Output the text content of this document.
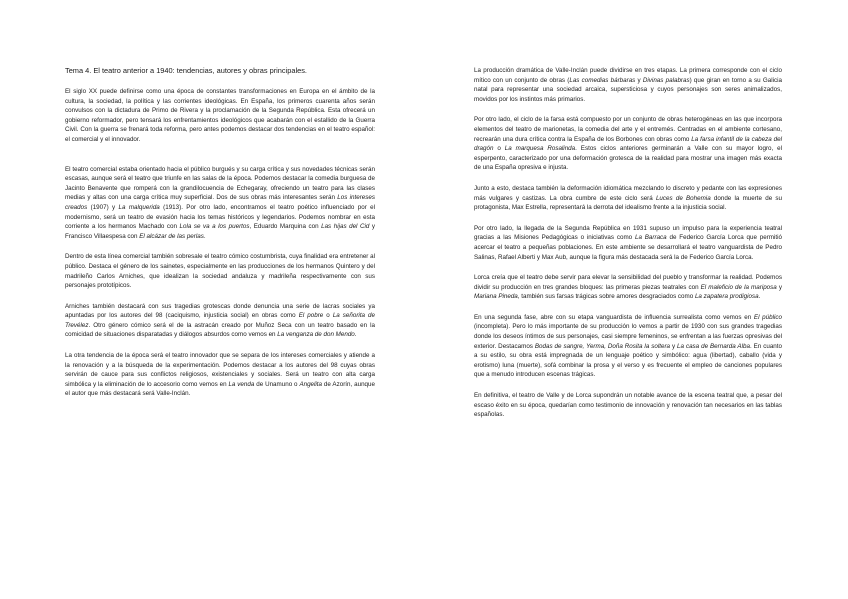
Tema 4. El teatro anterior a 1940: tendencias, autores y obras principales.

El siglo XX puede definirse como una época de constantes transformaciones en Europa en el ámbito de la cultura, la sociedad, la política y las corrientes ideológicas. En España, los primeros cuarenta años serán convulsos con la dictadura de Primo de Rivera y la proclamación de la Segunda República. Esta ofrecerá un gobierno reformador, pero tensará los enfrentamientos ideológicos que acabarán con el estallido de la Guerra Civil. Con la guerra se frenará toda reforma, pero antes podemos destacar dos tendencias en el teatro español: el comercial y el innovador.

El teatro comercial estaba orientado hacia el público burgués y su carga crítica y sus novedades técnicas serán escasas, aunque será el teatro que triunfe en las salas de la época. Podemos destacar la comedia burguesa de Jacinto Benavente que romperá con la grandilocuencia de Echegaray, ofreciendo un teatro para las clases medias y altas con una carga crítica muy superficial. Dos de sus obras más interesantes serán Los intereses creados (1907) y La malquerida (1913). Por otro lado, encontramos el teatro poético influenciado por el modernismo, será un teatro de evasión hacia los temas históricos y legendarios. Podemos nombrar en esta corriente a los hermanos Machado con Lola se va a los puertos, Eduardo Marquina con Las hijas del Cid y Francisco Villaespesa con El alcázar de las perlas.

Dentro de esta línea comercial también sobresale el teatro cómico costumbrista, cuya finalidad era entretener al público. Destaca el género de los sainetes, especialmente en las producciones de los hermanos Quintero y del madrileño Carlos Arniches, que idealizan la sociedad andaluza y madrileña respectivamente con sus personajes prototípicos.

Arniches también destacará con sus tragedias grotescas donde denuncia una serie de lacras sociales ya apuntadas por los autores del 98 (caciquismo, injusticia social) en obras como El pobre o La señorita de Trevélez. Otro género cómico será el de la astracán creado por Muñoz Seca con un teatro basado en la comicidad de situaciones disparatadas y diálogos absurdos como vemos en La venganza de don Mendo.

La otra tendencia de la época será el teatro innovador que se separa de los intereses comerciales y atiende a la renovación y a la búsqueda de la experimentación. Podemos destacar a los autores del 98 cuyas obras servirán de cauce para sus conflictos religiosos, existenciales y sociales. Será un teatro con alta carga simbólica y la eliminación de lo accesorio como vemos en La venda de Unamuno o Angelita de Azorín, aunque el autor que más destacará será Valle-Inclán.

La producción dramática de Valle-Inclán puede dividirse en tres etapas. La primera corresponde con el ciclo mítico con un conjunto de obras (Las comedias bárbaras y Divinas palabras) que giran en torno a su Galicia natal para representar una sociedad arcaica, supersticiosa y cuyos personajes son seres animalizados, movidos por los instintos más primarios.

Por otro lado, el ciclo de la farsa está compuesto por un conjunto de obras heterogéneas en las que incorpora elementos del teatro de marionetas, la comedia del arte y el entremés. Centradas en el ambiente cortesano, recrearán una dura crítica contra la España de los Borbones con obras como La farsa infantil de la cabeza del dragón o La marquesa Rosalinda. Estos ciclos anteriores germinarán a Valle con su mayor logro, el esperpento, caracterizado por una deformación grotesca de la realidad para mostrar una imagen más exacta de una España opresiva e injusta.

Junto a esto, destaca también la deformación idiomática mezclando lo discreto y pedante con las expresiones más vulgares y castizas. La obra cumbre de este ciclo será Luces de Bohemia donde la muerte de su protagonista, Max Estrella, representará la derrota del idealismo frente a la injusticia social.

Por otro lado, la llegada de la Segunda República en 1931 supuso un impulso para la experiencia teatral gracias a las Misiones Pedagógicas o iniciativas como La Barraca de Federico García Lorca que permitió acercar el teatro a pequeñas poblaciones. En este ambiente se desarrollará el teatro vanguardista de Pedro Salinas, Rafael Alberti y Max Aub, aunque la figura más destacada será la de Federico García Lorca.

Lorca creía que el teatro debe servir para elevar la sensibilidad del pueblo y transformar la realidad. Podemos dividir su producción en tres grandes bloques: las primeras piezas teatrales con El maleficio de la mariposa y Mariana Pineda, también sus farsas trágicas sobre amores desgraciados como La zapatera prodigiosa.

En una segunda fase, abre con su etapa vanguardista de influencia surrealista como vemos en El público (incompleta). Pero lo más importante de su producción lo vemos a partir de 1930 con sus grandes tragedias donde los deseos íntimos de sus personajes, casi siempre femeninos, se enfrentan a las fuerzas opresivas del exterior. Destacamos Bodas de sangre, Yerma, Doña Rosita la soltera y La casa de Bernarda Alba. En cuanto a su estilo, su obra está impregnada de un lenguaje poético y simbólico: agua (libertad), caballo (vida y erotismo) luna (muerte), sofá combinar la prosa y el verso y es frecuente el empleo de canciones populares que a menudo introducen escenas trágicas.

En definitiva, el teatro de Valle y de Lorca supondrán un notable avance de la escena teatral que, a pesar del escaso éxito en su época, quedarían como testimonio de innovación y renovación tan necesarios en las tablas españolas.
